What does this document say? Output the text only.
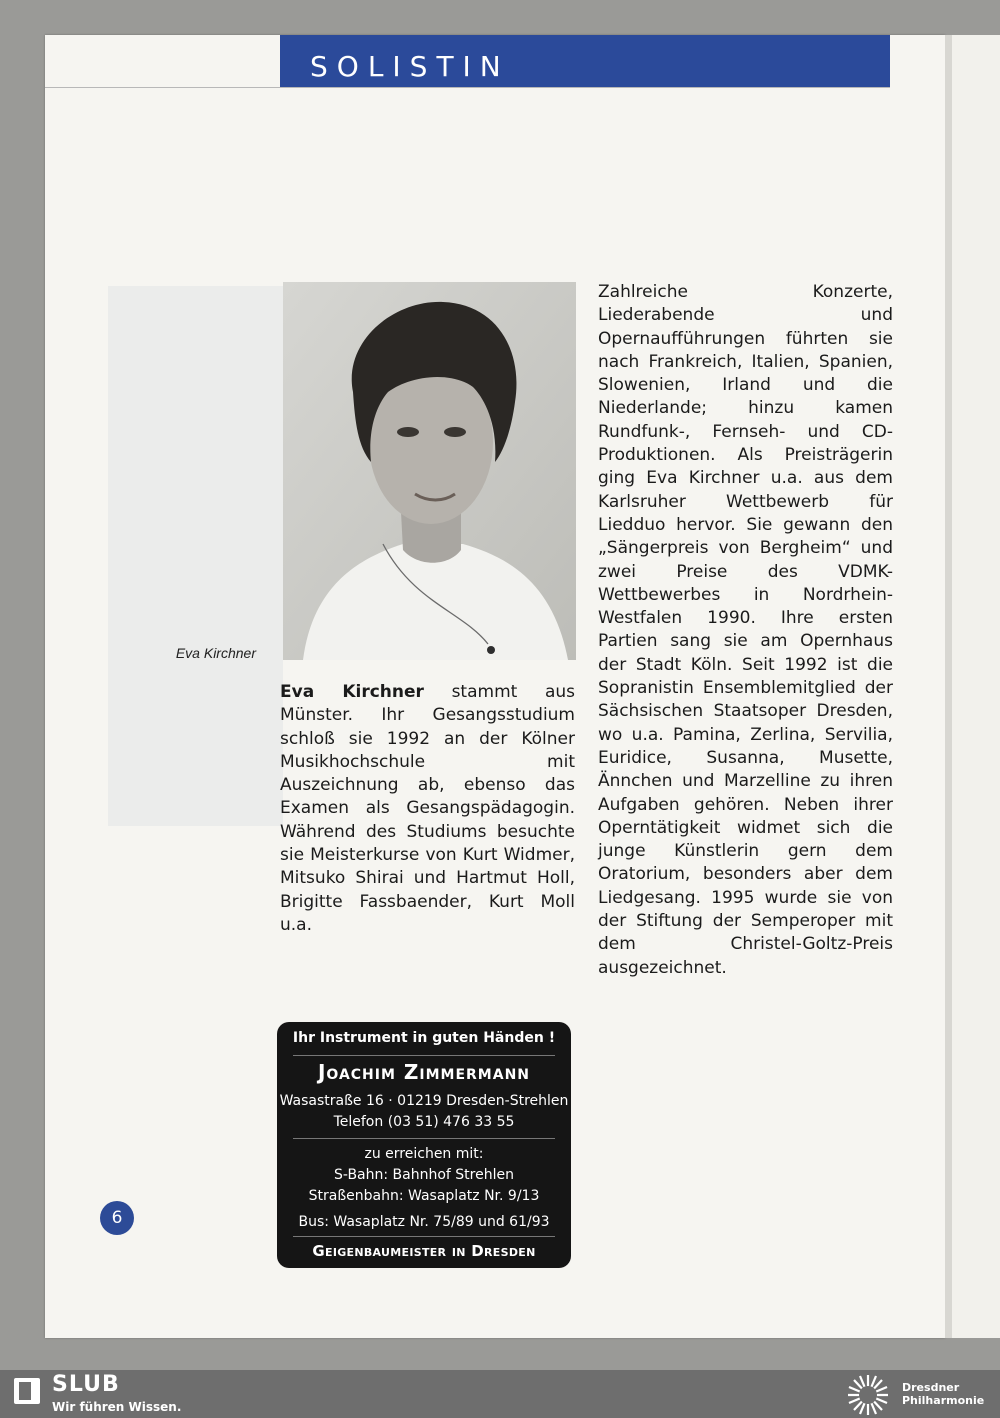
SOLISTIN
Eva Kirchner
Eva Kirchner stammt aus Münster. Ihr Gesangsstudium schloß sie 1992 an der Kölner Musikhochschule mit Auszeichnung ab, ebenso das Examen als Gesangspädagogin. Während des Studiums besuchte sie Meisterkurse von Kurt Widmer, Mitsuko Shirai und Hartmut Holl, Brigitte Fassbaender, Kurt Moll u.a.
Zahlreiche Konzerte, Liederabende und Opernaufführungen führten sie nach Frankreich, Italien, Spanien, Slowenien, Irland und die Niederlande; hinzu kamen Rundfunk-, Fernseh- und CD-Produktionen. Als Preisträgerin ging Eva Kirchner u.a. aus dem Karlsruher Wettbewerb für Liedduo hervor. Sie gewann den „Sängerpreis von Bergheim“ und zwei Preise des VDMK-Wettbewerbes in Nordrhein-Westfalen 1990. Ihre ersten Partien sang sie am Opernhaus der Stadt Köln. Seit 1992 ist die Sopranistin Ensemblemitglied der Sächsischen Staatsoper Dresden, wo u.a. Pamina, Zerlina, Servilia, Euridice, Susanna, Musette, Ännchen und Marzelline zu ihren Aufgaben gehören. Neben ihrer Operntätigkeit widmet sich die junge Künstlerin gern dem Oratorium, besonders aber dem Liedgesang. 1995 wurde sie von der Stiftung der Semperoper mit dem Christel-Goltz-Preis ausgezeichnet.
Ihr Instrument in guten Händen !
Joachim Zimmermann
Wasastraße 16 · 01219 Dresden-Strehlen
Telefon (03 51) 476 33 55
zu erreichen mit:
S-Bahn: Bahnhof Strehlen
Straßenbahn: Wasaplatz Nr. 9/13
Bus: Wasaplatz Nr. 75/89 und 61/93
Geigenbaumeister in Dresden
6
SLUB
Wir führen Wissen.
Dresdner
Philharmonie
